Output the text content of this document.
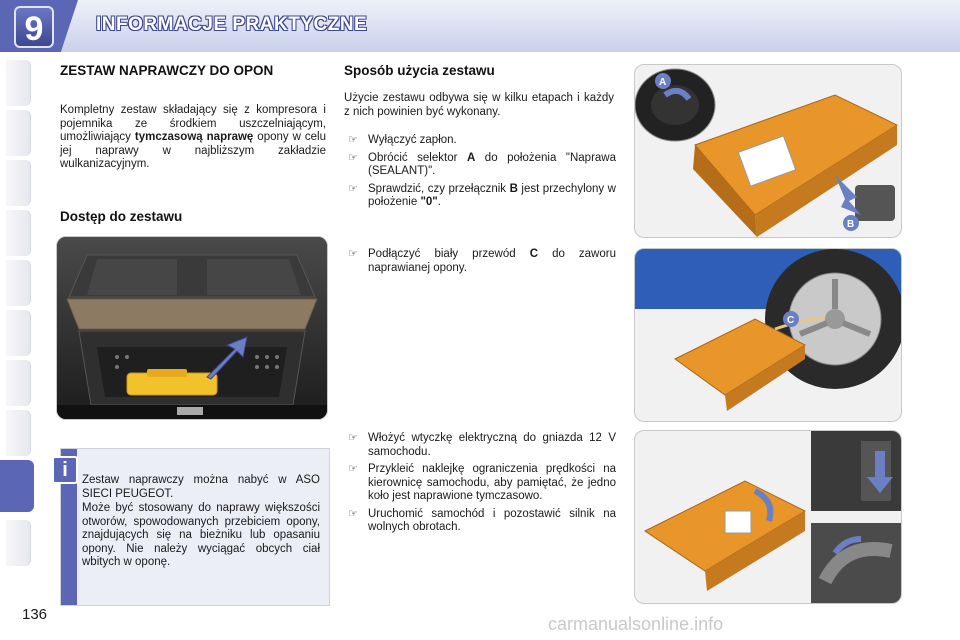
9	INFORMACJE PRAKTYCZNE
ZESTAW NAPRAWCZY DO OPON
Kompletny zestaw składający się z kompresora i pojemnika ze środkiem uszczelniającym, umożliwiający tymczasową naprawę opony w celu jej naprawy w najbliższym zakładzie wulkanizacyjnym.
Dostęp do zestawu
i	Zestaw naprawczy można nabyć w ASO SIECI PEUGEOT.
Może być stosowany do naprawy większości otworów, spowodowanych przebiciem opony, znajdujących się na bieżniku lub opasaniu opony. Nie należy wyciągać obcych ciał wbitych w oponę.
Sposób użycia zestawu
Użycie zestawu odbywa się w kilku etapach i każdy z nich powinien być wykonany.
☞ Wyłączyć zapłon.
☞ Obrócić selektor A do położenia "Naprawa (SEALANT)".
☞ Sprawdzić, czy przełącznik B jest przechylony w położenie "0".
☞ Podłączyć biały przewód C do zaworu naprawianej opony.
☞ Włożyć wtyczkę elektryczną do gniazda 12 V samochodu.
☞ Przykleić naklejkę ograniczenia prędkości na kierownicę samochodu, aby pamiętać, że jedno koło jest naprawione tymczasowo.
☞ Uruchomić samochód i pozostawić silnik na wolnych obrotach.
A
B
C
136	carmanualsonline.info
